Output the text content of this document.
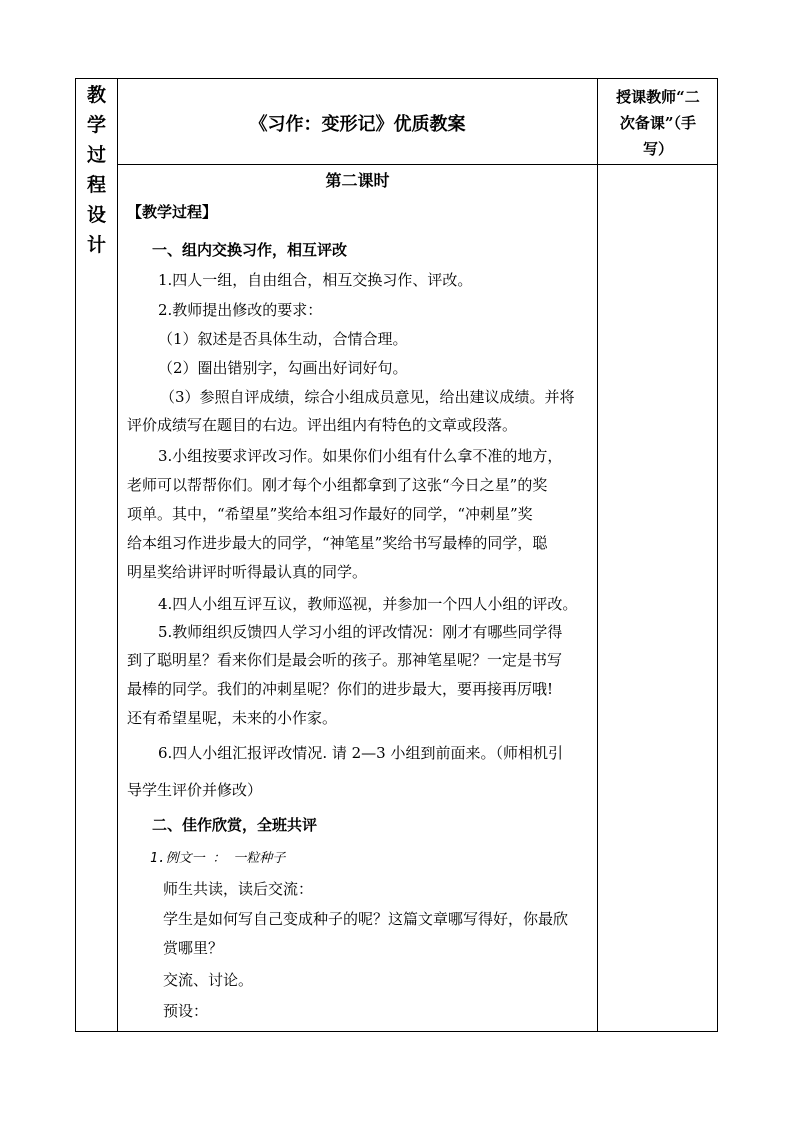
教
学
过
程
设
计
《习作：变形记》优质教案
授课教师“二
次备课”（手
写）
第二课时
【教学过程】
一、组内交换习作，相互评改
1.四人一组，自由组合，相互交换习作、评改。
2.教师提出修改的要求：
（1）叙述是否具体生动，合情合理。
（2）圈出错别字，勾画出好词好句。
（3）参照自评成绩，综合小组成员意见，给出建议成绩。并将
评价成绩写在题目的右边。评出组内有特色的文章或段落。
3.小组按要求评改习作。如果你们小组有什么拿不准的地方，
老师可以帮帮你们。刚才每个小组都拿到了这张“今日之星”的奖
项单。其中，“希望星”奖给本组习作最好的同学，“冲刺星”奖
给本组习作进步最大的同学，“神笔星”奖给书写最棒的同学，聪
明星奖给讲评时听得最认真的同学。
4.四人小组互评互议，教师巡视，并参加一个四人小组的评改。
5.教师组织反馈四人学习小组的评改情况：刚才有哪些同学得
到了聪明星？看来你们是最会听的孩子。那神笔星呢？一定是书写
最棒的同学。我们的冲刺星呢？你们的进步最大，要再接再厉哦!
还有希望星呢，未来的小作家。
6.四人小组汇报评改情况. 请 2—3 小组到前面来。（师相机引
导学生评价并修改）
二、佳作欣赏，全班共评
1.例文一 ： 一粒种子
师生共读，读后交流：
学生是如何写自己变成种子的呢？这篇文章哪写得好，你最欣
赏哪里？
交流、讨论。
预设：
